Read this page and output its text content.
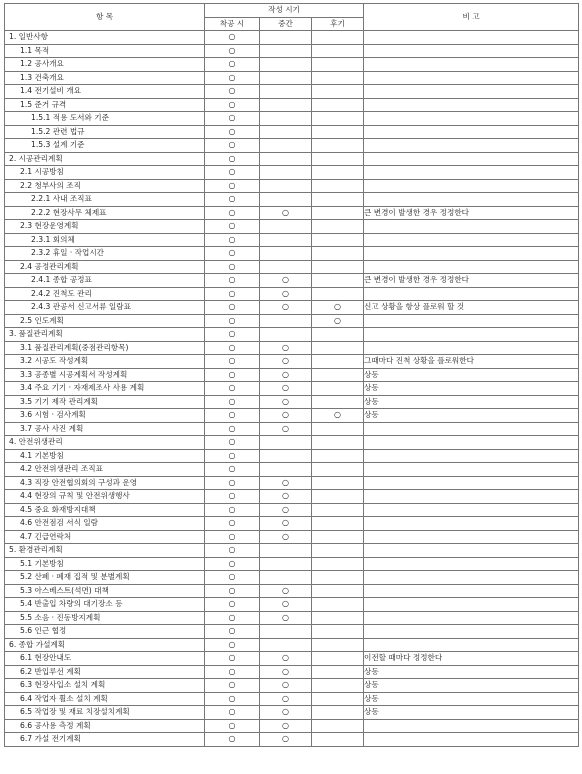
항 목	작성 시기			비 고
	착공 시	중간	후기	
1. 일반사항	○			
1.1 목적	○			
1.2 공사개요	○			
1.3 건축개요	○			
1.4 전기설비 개요	○			
1.5 준거 규격	○			
1.5.1 적용 도서와 기준	○			
1.5.2 관련 법규	○			
1.5.3 설계 기준	○			
2. 시공관리계획	○			
2.1 시공방침	○			
2.2 청부사의 조직	○			
2.2.1 사내 조직표	○			
2.2.2 현장사무 체제표	○	○		큰 변경이 발생한 경우 정정한다
2.3 현장운영계획	○			
2.3.1 회의체	○			
2.3.2 휴일 · 작업시간	○			
2.4 공정관리계획	○			
2.4.1 종합 공정표	○	○		큰 변경이 발생한 경우 정정한다
2.4.2 진척도 관리	○	○		
2.4.3 관공서 신고서류 일람표	○	○	○	신고 상황을 항상 플로워 할 것
2.5 인도계획	○		○	
3. 품질관리계획	○			
3.1 품질관리계획(중점관리항목)	○	○		
3.2 시공도 작성계획	○	○		그때마다 진척 상황을 플로워한다
3.3 공종별 시공계획서 작성계획	○	○		상동
3.4 주요 기기 · 자재제조사 사용 계획	○	○		상동
3.5 기기 제작 관리계획	○	○		상동
3.6 시험 · 검사계획	○	○	○	상동
3.7 공사 사진 계획	○	○		
4. 안전위생관리	○			
4.1 기본방침	○			
4.2 안전위생관리 조직표	○			
4.3 직장 안전협의회의 구성과 운영	○	○		
4.4 현장의 규칙 및 안전위생행사	○	○		
4.5 중요 화재방지대책	○	○		
4.6 안전점검 서식 일람	○	○		
4.7 긴급연락처	○	○		
5. 환경관리계획	○			
5.1 기본방침	○			
5.2 산폐 · 폐재 집적 및 분별계획	○			
5.3 아스베스트(석면) 대책	○	○		
5.4 반출입 차량의 대기장소 등	○	○		
5.5 소음 · 진동방지계획	○	○		
5.6 인근 협정	○			
6. 종합 가설계획	○			
6.1 현장안내도	○	○		이전할 때마다 정정한다
6.2 반입루선 계획	○	○		상동
6.3 현장사입소 설치 계획	○	○		상동
6.4 작업자 휠소 설치 계획	○	○		상동
6.5 작업장 및 재료 치장설치계획	○	○		상동
6.6 공사용 측정 계획	○	○		
6.7 가설 전기계획	○	○		
